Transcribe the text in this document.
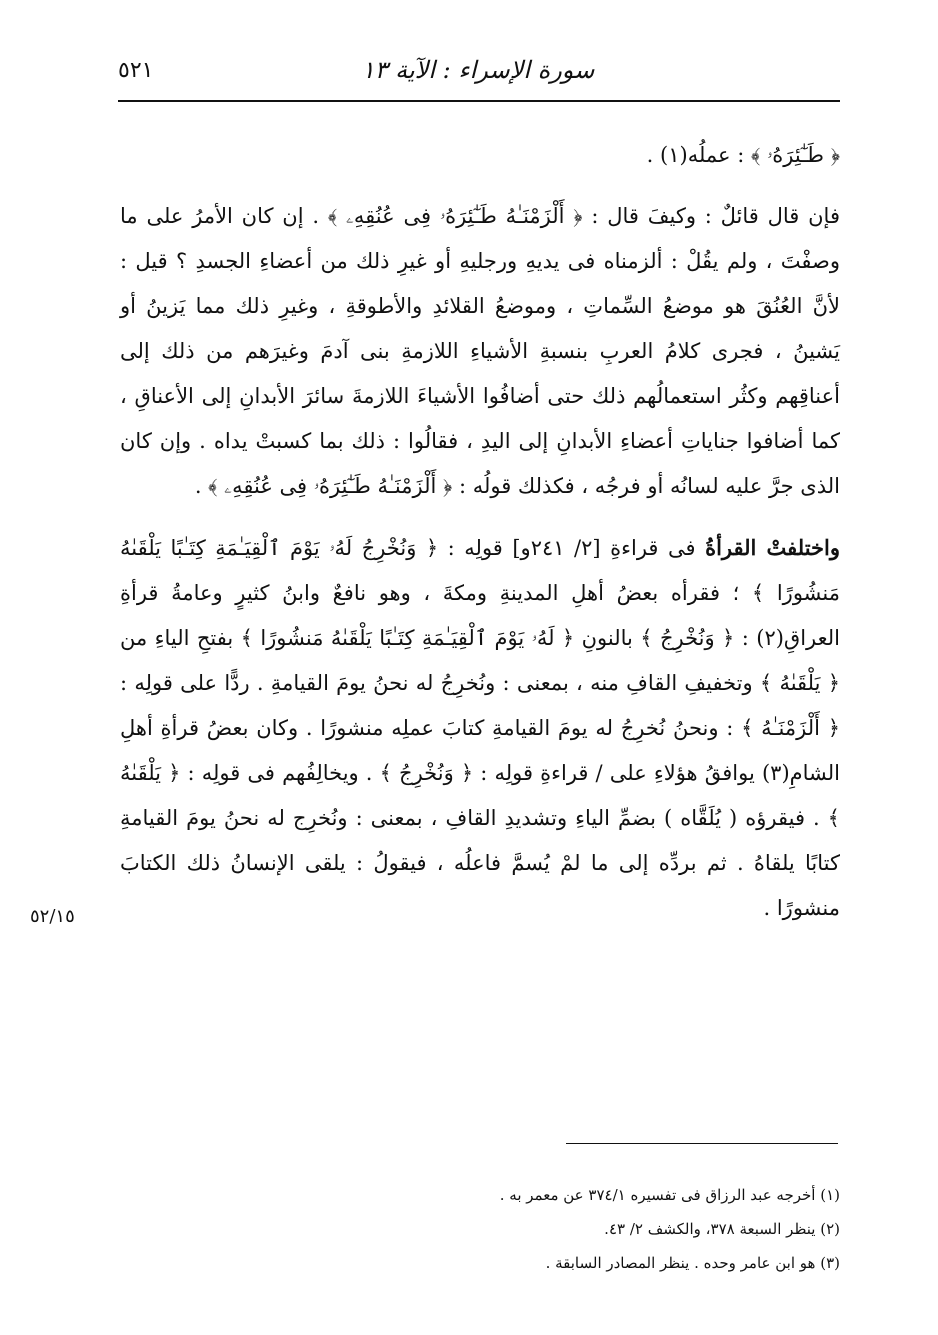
سورة الإسراء : الآية ١٣
٥٢١

﴿ طَـٰٓئِرَهُۥ ﴾ : عملُه(١) .

فإن قال قائلٌ : وكيفَ قال : ﴿ أَلْزَمْنَـٰهُ طَـٰٓئِرَهُۥ فِى عُنُقِهِۦ ﴾ . إن كان الأمرُ على ما وصفْتَ ، ولم يقُلْ : ألزمناه فى يديهِ ورجليهِ أو غيرِ ذلك من أعضاءِ الجسدِ ؟ قيل : لأنَّ العُنُقَ هو موضعُ السِّماتِ ، وموضعُ القلائدِ والأطوقةِ ، وغيرِ ذلك مما يَزينُ أو يَشينُ ، فجرى كلامُ العربِ بنسبةِ الأشياءِ اللازمةِ بنى آدمَ وغيرَهم من ذلك إلى أعناقِهم وكثُر استعمالُهم ذلك حتى أضافُوا الأشياءَ اللازمةَ سائرَ الأبدانِ إلى الأعناقِ ، كما أضافوا جناياتِ أعضاءِ الأبدانِ إلى اليدِ ، فقالُوا : ذلك بما كسبتْ يداه . وإن كان الذى جرَّ عليه لسانُه أو فرجُه ، فكذلك قولُه : ﴿ أَلْزَمْنَـٰهُ طَـٰٓئِرَهُۥ فِى عُنُقِهِۦ ﴾ .

واختلفتْ القرأةُ فى قراءةِ [٢/ ٢٤١و] قولِه : ﴿ وَنُخْرِجُ لَهُۥ يَوْمَ ٱلْقِيَـٰمَةِ كِتَـٰبًا يَلْقَىٰهُ مَنشُورًا ﴾ ؛ فقرأه بعضُ أهلِ المدينةِ ومكةَ ، وهو نافعٌ وابنُ كثيرٍ وعامةُ قرأةِ العراقِ(٢) : ﴿ وَنُخْرِجُ ﴾ بالنونِ ﴿ لَهُۥ يَوْمَ ٱلْقِيَـٰمَةِ كِتَـٰبًا يَلْقَىٰهُ مَنشُورًا ﴾ بفتحِ الياءِ من ﴿ يَلْقَىٰهُ ﴾ وتخفيفِ القافِ منه ، بمعنى : ونُخرِجُ له نحنُ يومَ القيامةِ . ردًّا على قولِه : ﴿ أَلْزَمْنَـٰهُ ﴾ : ونحنُ نُخرِجُ له يومَ القيامةِ كتابَ عملِه منشورًا . وكان بعضُ قرأةِ أهلِ الشامِ(٣) يوافقُ هؤلاءِ على / قراءةِ قولِه : ﴿ وَنُخْرِجُ ﴾ . ويخالِفُهم فى قولِه : ﴿ يَلْقَىٰهُ ﴾ . فيقرؤه ( يُلَقَّاه ) بضمِّ الياءِ وتشديدِ القافِ ، بمعنى : ونُخرِج له نحنُ يومَ القيامةِ كتابًا يلقاهُ . ثم بردِّه إلى ما لمْ يُسمَّ فاعلُه ، فيقولُ : يلقى الإنسانُ ذلك الكتابَ منشورًا .

٥٢/١٥
(١) أخرجه عبد الرزاق فى تفسيره ٣٧٤/١ عن معمر به .
(٢) ينظر السبعة ٣٧٨، والكشف ٢/ ٤٣.
(٣) هو ابن عامر وحده . ينظر المصادر السابقة .
